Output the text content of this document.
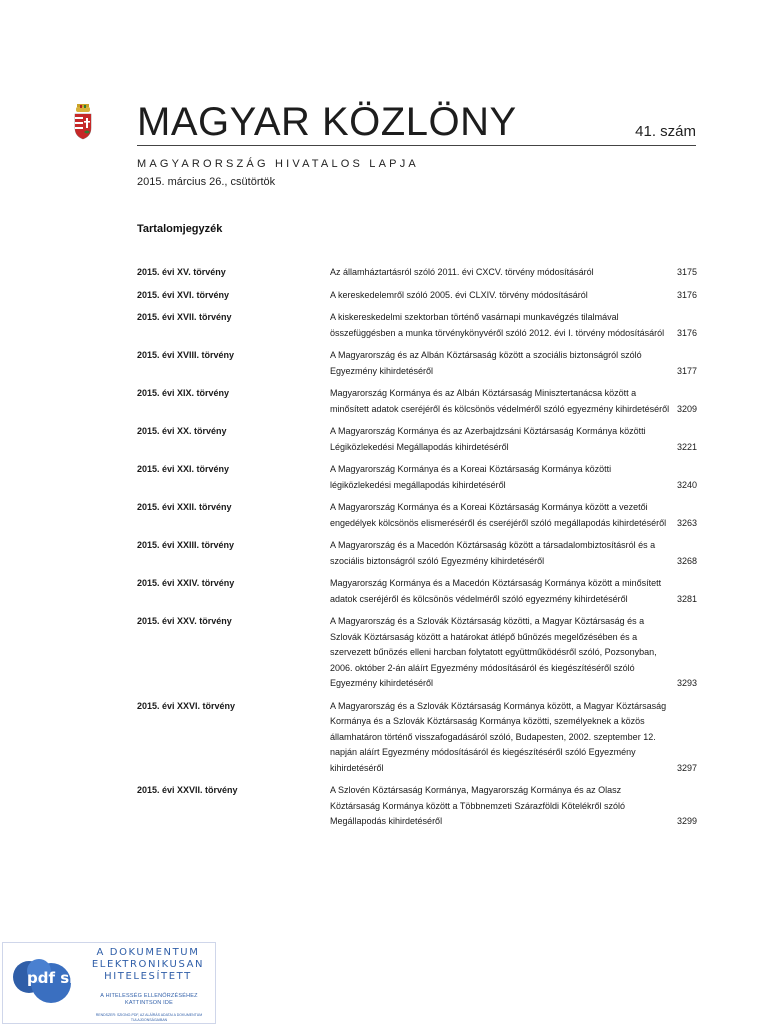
MAGYAR KÖZLÖNY	41. szám
MAGYARORSZÁG HIVATALOS LAPJA
2015. március 26., csütörtök
Tartalomjegyzék
2015. évi XV. törvény	Az államháztartásról szóló 2011. évi CXCV. törvény módosításáról	3175
2015. évi XVI. törvény	A kereskedelemről szóló 2005. évi CLXIV. törvény módosításáról	3176
2015. évi XVII. törvény	A kiskereskedelmi szektorban történő vasárnapi munkavégzés tilalmával összefüggésben a munka törvénykönyvéről szóló 2012. évi I. törvény módosításáról	3176
2015. évi XVIII. törvény	A Magyarország és az Albán Köztársaság között a szociális biztonságról szóló Egyezmény kihirdetéséről	3177
2015. évi XIX. törvény	Magyarország Kormánya és az Albán Köztársaság Minisztertanácsa között a minősített adatok cseréjéről és kölcsönös védelméről szóló egyezmény kihirdetéséről 3209
2015. évi XX. törvény	A Magyarország Kormánya és az Azerbajdzsáni Köztársaság Kormánya közötti Légiközlekedési Megállapodás kihirdetéséről	3221
2015. évi XXI. törvény	A Magyarország Kormánya és a Koreai Köztársaság Kormánya közötti légiközlekedési megállapodás kihirdetéséről	3240
2015. évi XXII. törvény	A Magyarország Kormánya és a Koreai Köztársaság Kormánya között a vezetői engedélyek kölcsönös elismeréséről és cseréjéről szóló megállapodás kihirdetéséről	3263
2015. évi XXIII. törvény	A Magyarország és a Macedón Köztársaság között a társadalombiztosításról és a szociális biztonságról szóló Egyezmény kihirdetéséről	3268
2015. évi XXIV. törvény	Magyarország Kormánya és a Macedón Köztársaság Kormánya között a minősített adatok cseréjéről és kölcsönös védelméről szóló egyezmény kihirdetéséről	3281
2015. évi XXV. törvény	A Magyarország és a Szlovák Köztársaság közötti, a Magyar Köztársaság és a Szlovák Köztársaság között a határokat átlépő bűnözés megelőzésében és a szervezett bűnözés elleni harcban folytatott együttműködésről szóló, Pozsonyban, 2006. október 2-án aláírt Egyezmény módosításáról és kiegészítéséről szóló Egyezmény kihirdetéséről	3293
2015. évi XXVI. törvény	A Magyarország és a Szlovák Köztársaság Kormánya között, a Magyar Köztársaság Kormánya és a Szlovák Köztársaság Kormánya közötti, személyeknek a közös államhatáron történő visszafogadásáról szóló, Budapesten, 2002. szeptember 12. napján aláírt Egyezmény módosításáról és kiegészítéséről szóló Egyezmény kihirdetéséről	3297
2015. évi XXVII. törvény	A Szlovén Köztársaság Kormánya, Magyarország Kormánya és az Olasz Köztársaság Kormánya között a Többnemzeti Szárazföldi Kötelékről szóló Megállapodás kihirdetéséről	3299
pdf signo
A DOKUMENTUM
ELEKTRONIKUSAN
HITELESÍTETT
A HITELESSÉG ELLENŐRZÉSÉHEZ KATTINTSON IDE
RENDSZER: SZIGNO-PDF, AZ ALÁÍRÁS ADATAI A DOKUMENTUM TULAJDONSÁGAIBAN
